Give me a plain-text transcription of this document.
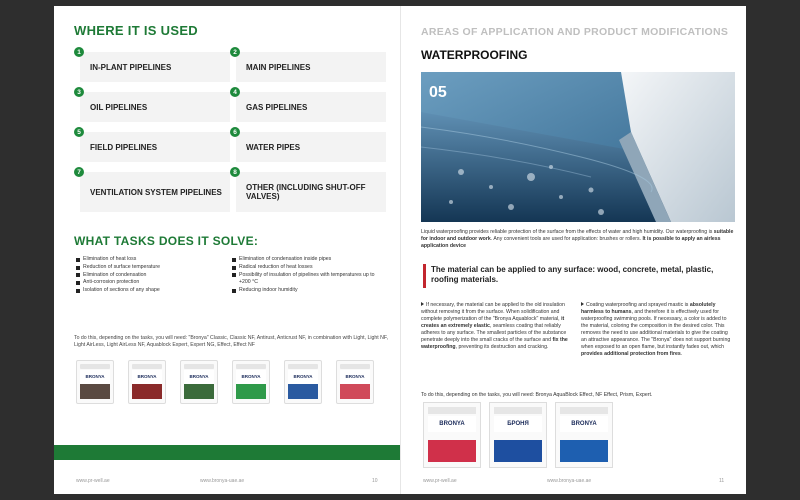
WHERE IT IS USED
IN-PLANT PIPELINES
1
MAIN PIPELINES
2
OIL PIPELINES
3
GAS PIPELINES
4
FIELD PIPELINES
5
WATER PIPES
6
VENTILATION SYSTEM PIPELINES
7
OTHER (INCLUDING SHUT-OFF VALVES)
8
WHAT TASKS DOES IT SOLVE:
Elimination of heat loss
Reduction of surface temperature
Elimination of condensation
Anti-corrosion protection
Isolation of sections of any shape
Elimination of condensation inside pipes
Radical reduction of heat losses
Possibility of insulation of pipelines with temperatures up to +200 °C
Reducing indoor humidity
To do this, depending on the tasks, you will need: "Bronya" Classic, Classic NF, Antirust, Anticrust NF, in combination with Light, Light NF, Light AirLess, Light AirLess NF, Aquablock Expert, Expert NG, Effect, Effect NF
BRONYA	BRONYA	BRONYA	BRONYA	BRONYA	BRONYA
www.pr-well.ae	www.bronya-uae.ae	10
AREAS OF APPLICATION AND PRODUCT MODIFICATIONS
WATERPROOFING
05
Liquid waterproofing provides reliable protection of the surface from the effects of water and high humidity. Our waterproofing is suitable for indoor and outdoor work. Any convenient tools are used for application: brushes or rollers. It is possible to apply an airless application device
The material can be applied to any surface: wood, concrete, metal, plastic, roofing materials.
If necessary, the material can be applied to the old insulation without removing it from the surface. When solidification and complete polymerization of the "Bronya Aquablock" material, it creates an extremely elastic, seamless coating that reliably adheres to any surface. The smallest particles of the substance penetrate deeply into the small cracks of the surface and fix the waterproofing, preventing its destruction and cracking.
Coating waterproofing and sprayed mastic is absolutely harmless to humans, and therefore it is effectively used for waterproofing swimming pools. If necessary, a color is added to the material, coloring the composition in the desired color. This removes the need to use additional materials to give the coating an attractive appearance. The "Bronya" does not support burning when exposed to an open flame, but instantly fades out, which provides additional protection from fires.
To do this, depending on the tasks, you will need: Bronya AquaBlock Effect, NF Effect, Prism, Expert.
BRONYA	БРОНЯ	BRONYA
www.pr-well.ae	www.bronya-uae.ae	11
